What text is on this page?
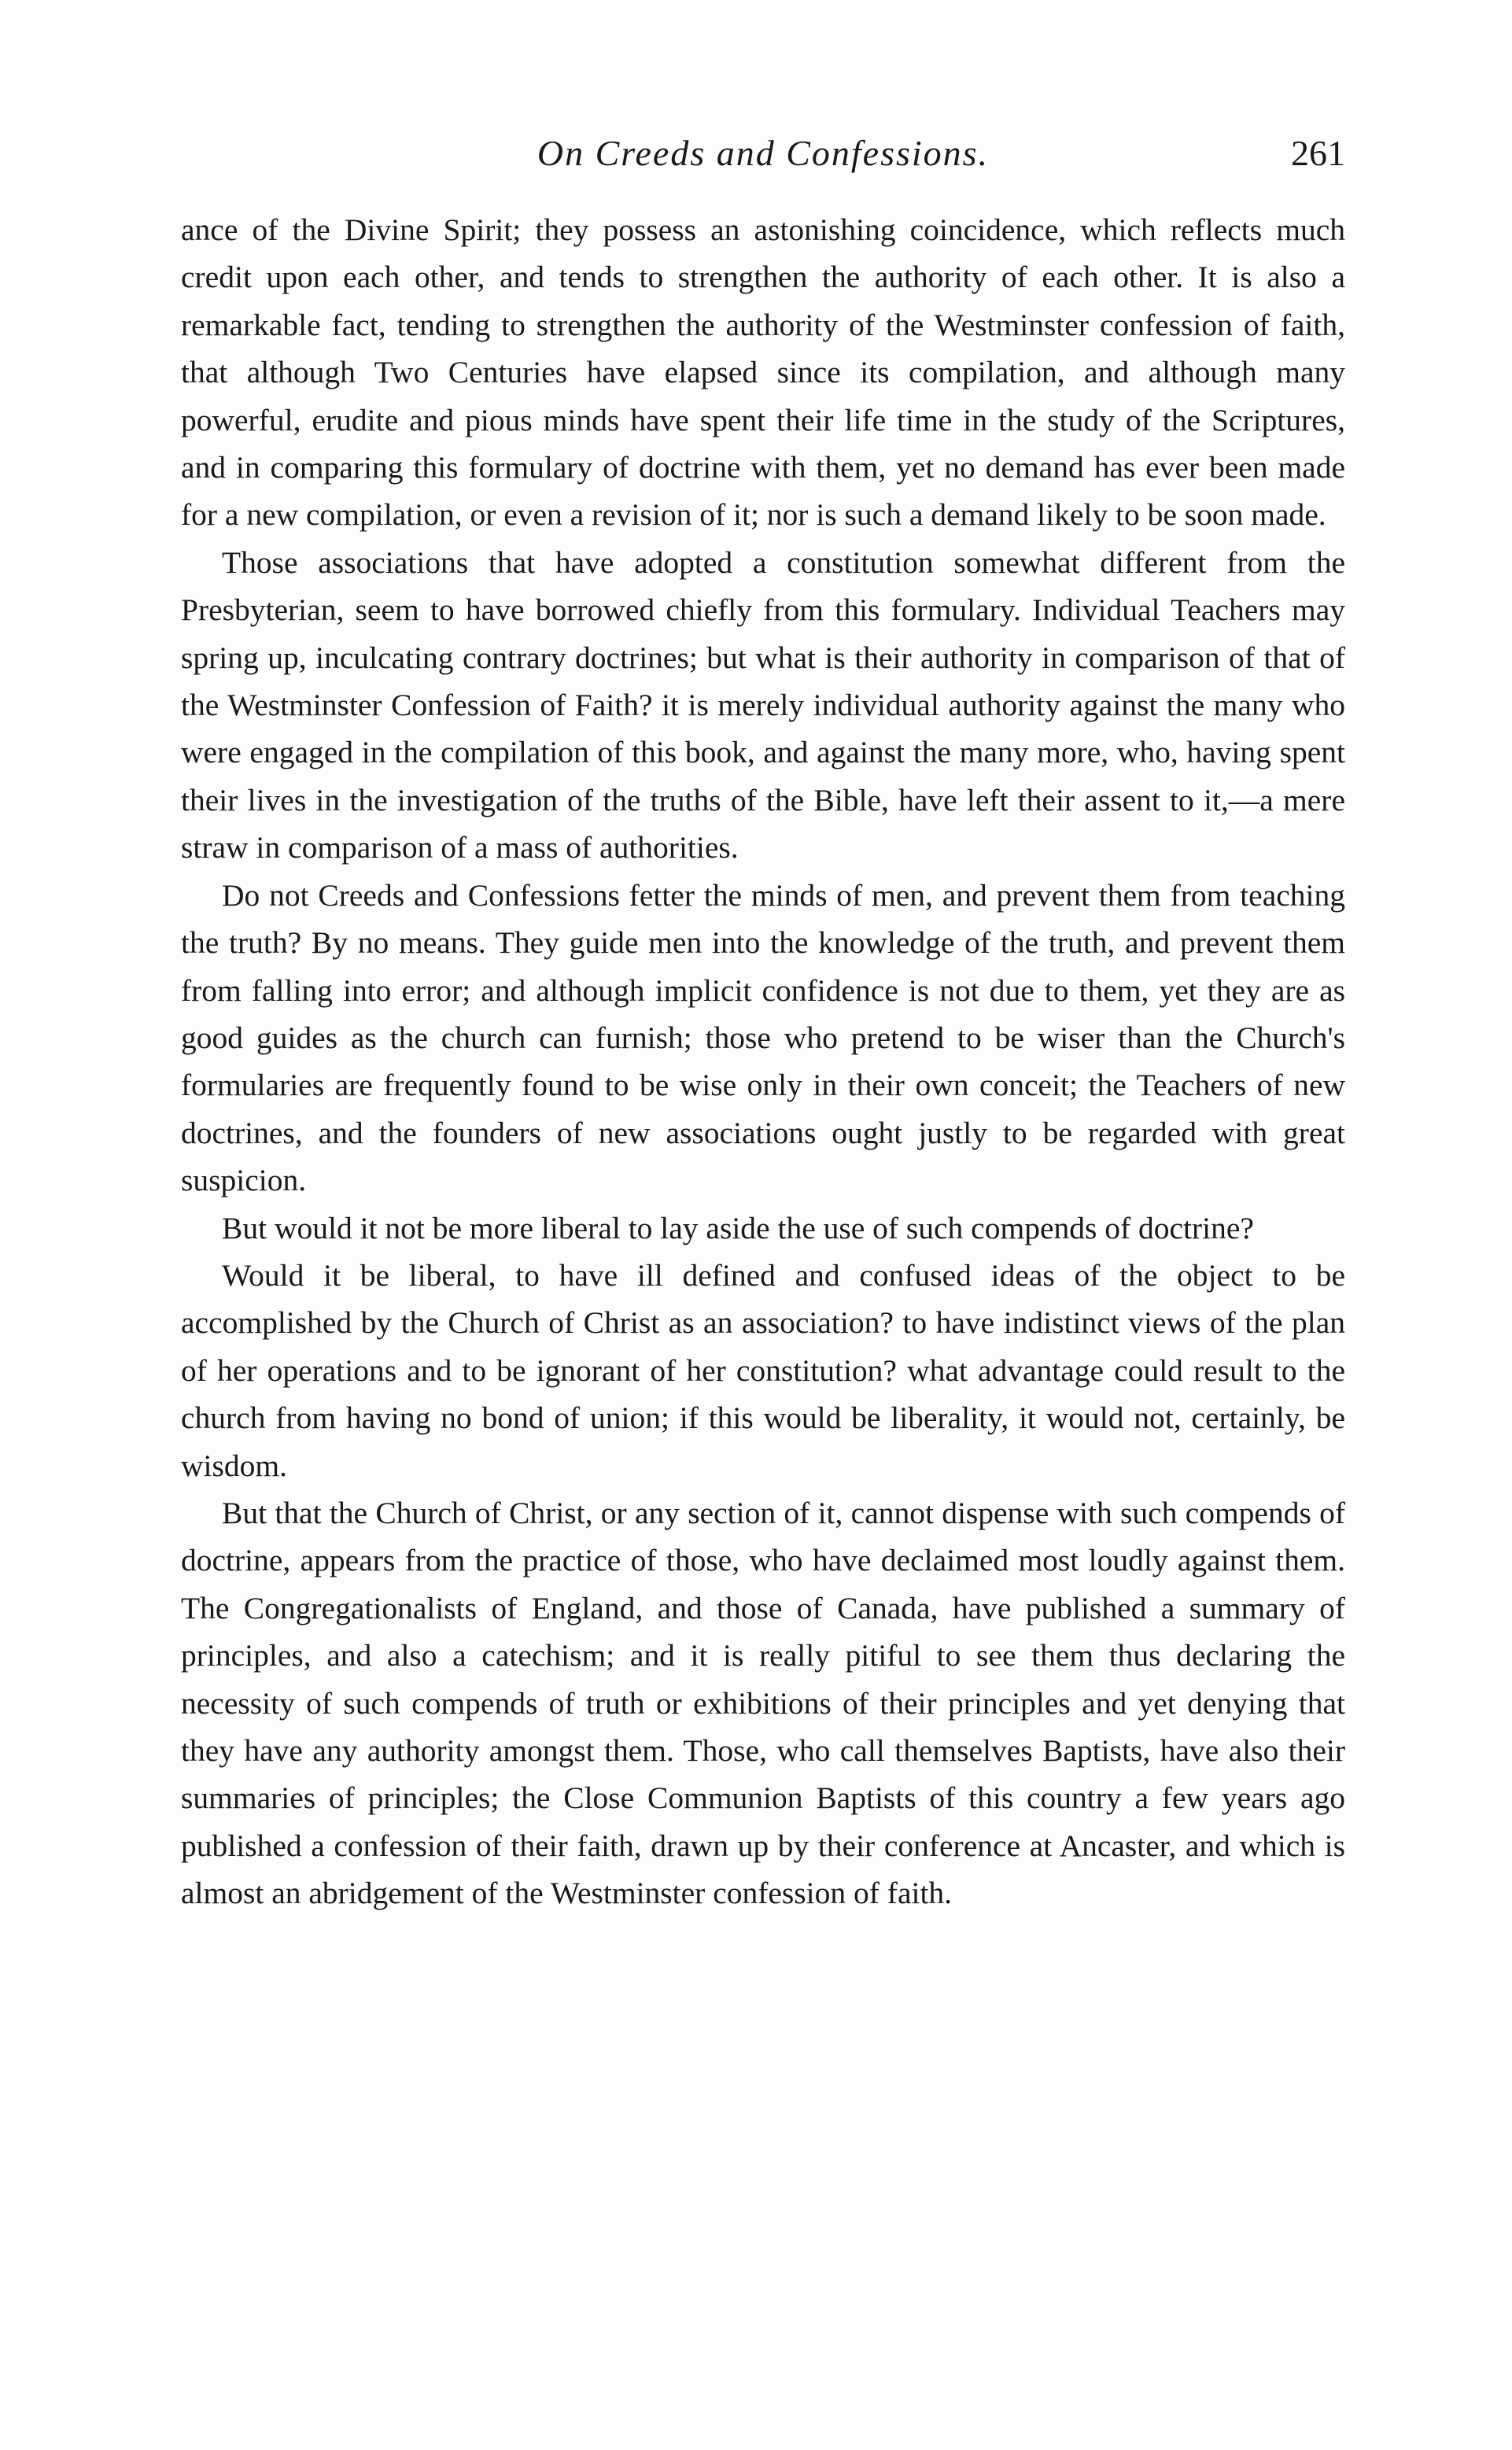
On Creeds and Confessions.	261

ance of the Divine Spirit; they possess an astonishing coincidence, which reflects much credit upon each other, and tends to strengthen the authority of each other. It is also a remarkable fact, tending to strengthen the authority of the Westminster confession of faith, that although Two Centuries have elapsed since its compilation, and although many powerful, erudite and pious minds have spent their life time in the study of the Scriptures, and in comparing this formulary of doctrine with them, yet no demand has ever been made for a new compilation, or even a revision of it; nor is such a demand likely to be soon made.

Those associations that have adopted a constitution somewhat different from the Presbyterian, seem to have borrowed chiefly from this formulary. Individual Teachers may spring up, inculcating contrary doctrines; but what is their authority in comparison of that of the Westminster Confession of Faith? it is merely individual authority against the many who were engaged in the compilation of this book, and against the many more, who, having spent their lives in the investigation of the truths of the Bible, have left their assent to it,—a mere straw in comparison of a mass of authorities.

Do not Creeds and Confessions fetter the minds of men, and prevent them from teaching the truth? By no means. They guide men into the knowledge of the truth, and prevent them from falling into error; and although implicit confidence is not due to them, yet they are as good guides as the church can furnish; those who pretend to be wiser than the Church's formularies are frequently found to be wise only in their own conceit; the Teachers of new doctrines, and the founders of new associations ought justly to be regarded with great suspicion.

But would it not be more liberal to lay aside the use of such compends of doctrine?

Would it be liberal, to have ill defined and confused ideas of the object to be accomplished by the Church of Christ as an association? to have indistinct views of the plan of her operations and to be ignorant of her constitution? what advantage could result to the church from having no bond of union; if this would be liberality, it would not, certainly, be wisdom.

But that the Church of Christ, or any section of it, cannot dispense with such compends of doctrine, appears from the practice of those, who have declaimed most loudly against them. The Congregationalists of England, and those of Canada, have published a summary of principles, and also a catechism; and it is really pitiful to see them thus declaring the necessity of such compends of truth or exhibitions of their principles and yet denying that they have any authority amongst them. Those, who call themselves Baptists, have also their summaries of principles; the Close Communion Baptists of this country a few years ago published a confession of their faith, drawn up by their conference at Ancaster, and which is almost an abridgement of the Westminster confession of faith.
